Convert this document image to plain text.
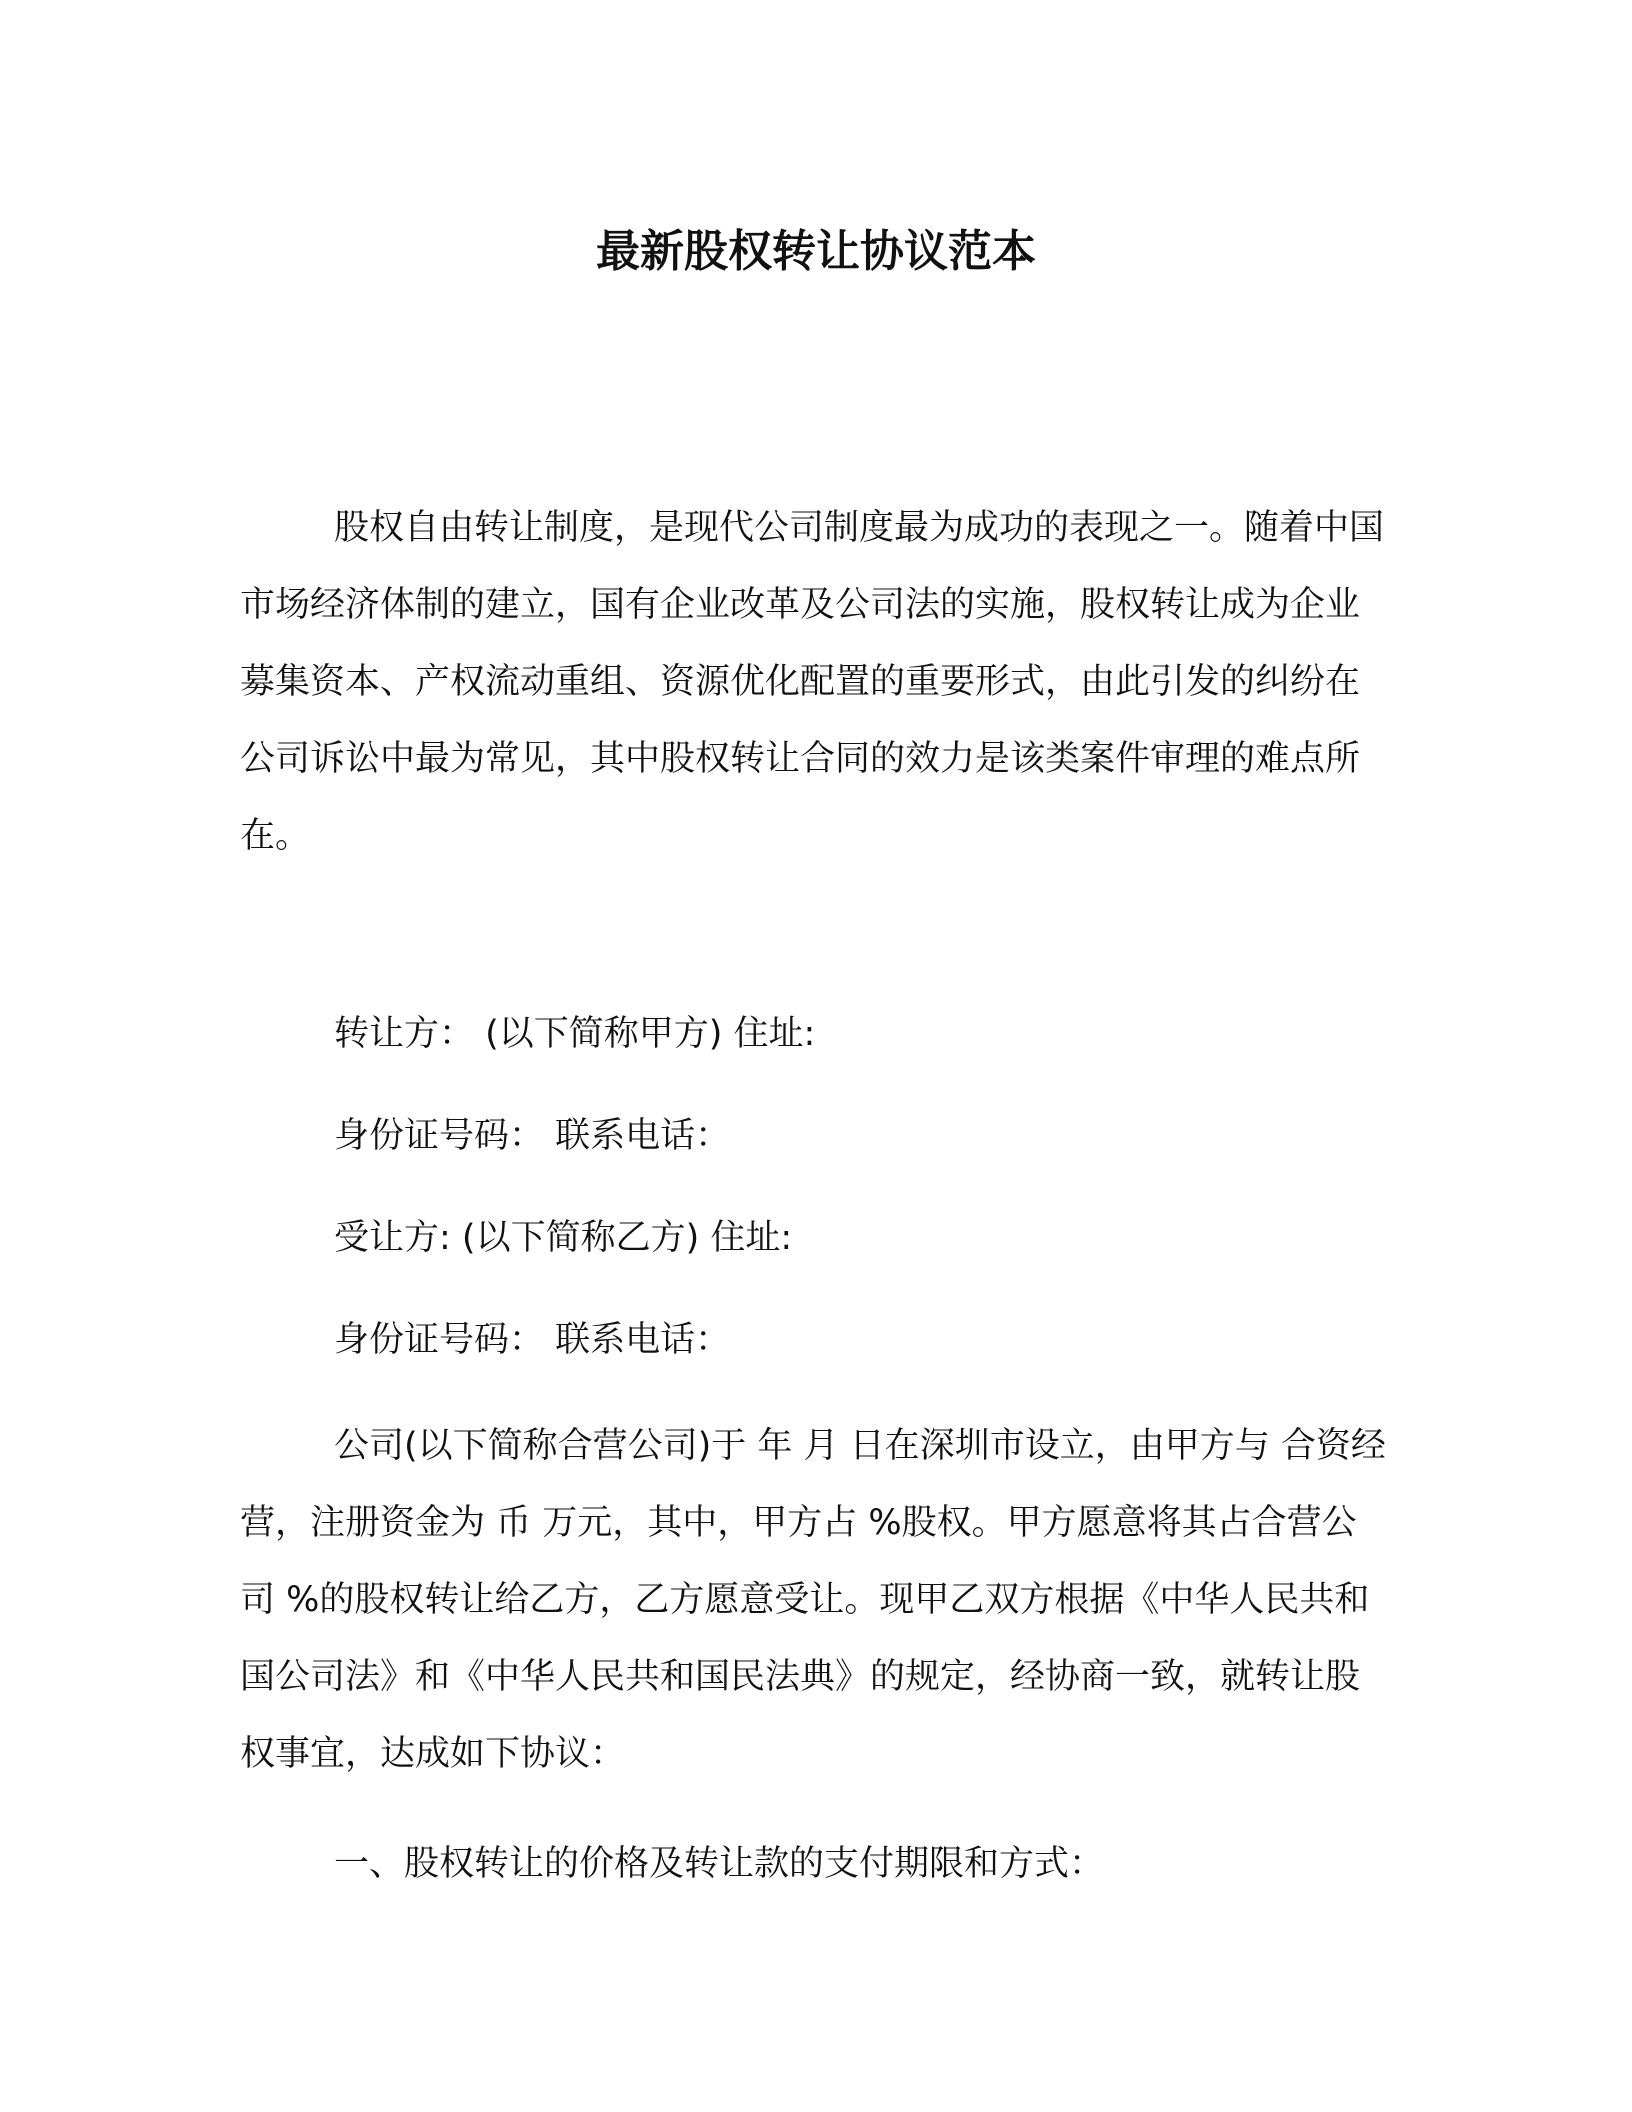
最新股权转让协议范本

股权自由转让制度，是现代公司制度最为成功的表现之一。随着中国市场经济体制的建立，国有企业改革及公司法的实施，股权转让成为企业募集资本、产权流动重组、资源优化配置的重要形式，由此引发的纠纷在公司诉讼中最为常见，其中股权转让合同的效力是该类案件审理的难点所在。

转让方： (以下简称甲方) 住址:
身份证号码： 联系电话：
受让方: (以下简称乙方) 住址:
身份证号码： 联系电话：

公司(以下简称合营公司)于 年 月 日在深圳市设立，由甲方与 合资经营，注册资金为 币 万元，其中，甲方占 %股权。甲方愿意将其占合营公司 %的股权转让给乙方，乙方愿意受让。现甲乙双方根据《中华人民共和国公司法》和《中华人民共和国民法典》的规定，经协商一致，就转让股权事宜，达成如下协议：

一、股权转让的价格及转让款的支付期限和方式：
